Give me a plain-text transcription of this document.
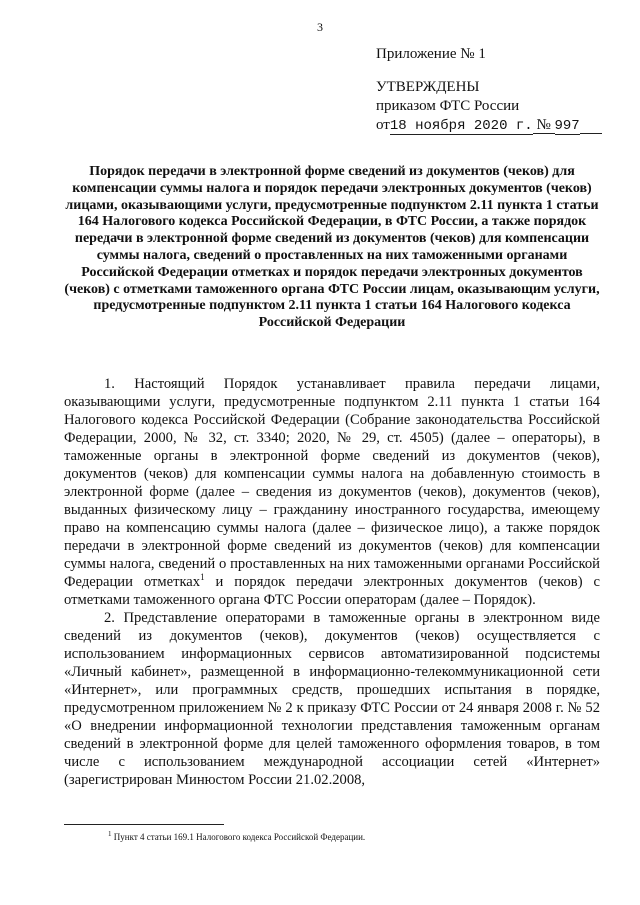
3
Приложение № 1
УТВЕРЖДЕНЫ
приказом ФТС России
от18 ноября 2020 г. № 997
Порядок передачи в электронной форме сведений из документов (чеков) для компенсации суммы налога и порядок передачи электронных документов (чеков) лицами, оказывающими услуги, предусмотренные подпунктом 2.11 пункта 1 статьи 164 Налогового кодекса Российской Федерации, в ФТС России, а также порядок передачи в электронной форме сведений из документов (чеков) для компенсации суммы налога, сведений о проставленных на них таможенными органами Российской Федерации отметках и порядок передачи электронных документов (чеков) с отметками таможенного органа ФТС России лицам, оказывающим услуги, предусмотренные подпунктом 2.11 пункта 1 статьи 164 Налогового кодекса Российской Федерации

1. Настоящий Порядок устанавливает правила передачи лицами, оказывающими услуги, предусмотренные подпунктом 2.11 пункта 1 статьи 164 Налогового кодекса Российской Федерации (Собрание законодательства Российской Федерации, 2000, № 32, ст. 3340; 2020, № 29, ст. 4505) (далее – операторы), в таможенные органы в электронной форме сведений из документов (чеков), документов (чеков) для компенсации суммы налога на добавленную стоимость в электронной форме (далее – сведения из документов (чеков), документов (чеков), выданных физическому лицу – гражданину иностранного государства, имеющему право на компенсацию суммы налога (далее – физическое лицо), а также порядок передачи в электронной форме сведений из документов (чеков) для компенсации суммы налога, сведений о проставленных на них таможенными органами Российской Федерации отметках$^1$ и порядок передачи электронных документов (чеков) с отметками таможенного органа ФТС России операторам (далее – Порядок).

2. Представление операторами в таможенные органы в электронном виде сведений из документов (чеков), документов (чеков) осуществляется с использованием информационных сервисов автоматизированной подсистемы «Личный кабинет», размещенной в информационно-телекоммуникационной сети «Интернет», или программных средств, прошедших испытания в порядке, предусмотренном приложением № 2 к приказу ФТС России от 24 января 2008 г. № 52 «О внедрении информационной технологии представления таможенным органам сведений в электронной форме для целей таможенного оформления товаров, в том числе с использованием международной ассоциации сетей «Интернет» (зарегистрирован Минюстом России 21.02.2008,

$^1$ Пункт 4 статьи 169.1 Налогового кодекса Российской Федерации.
